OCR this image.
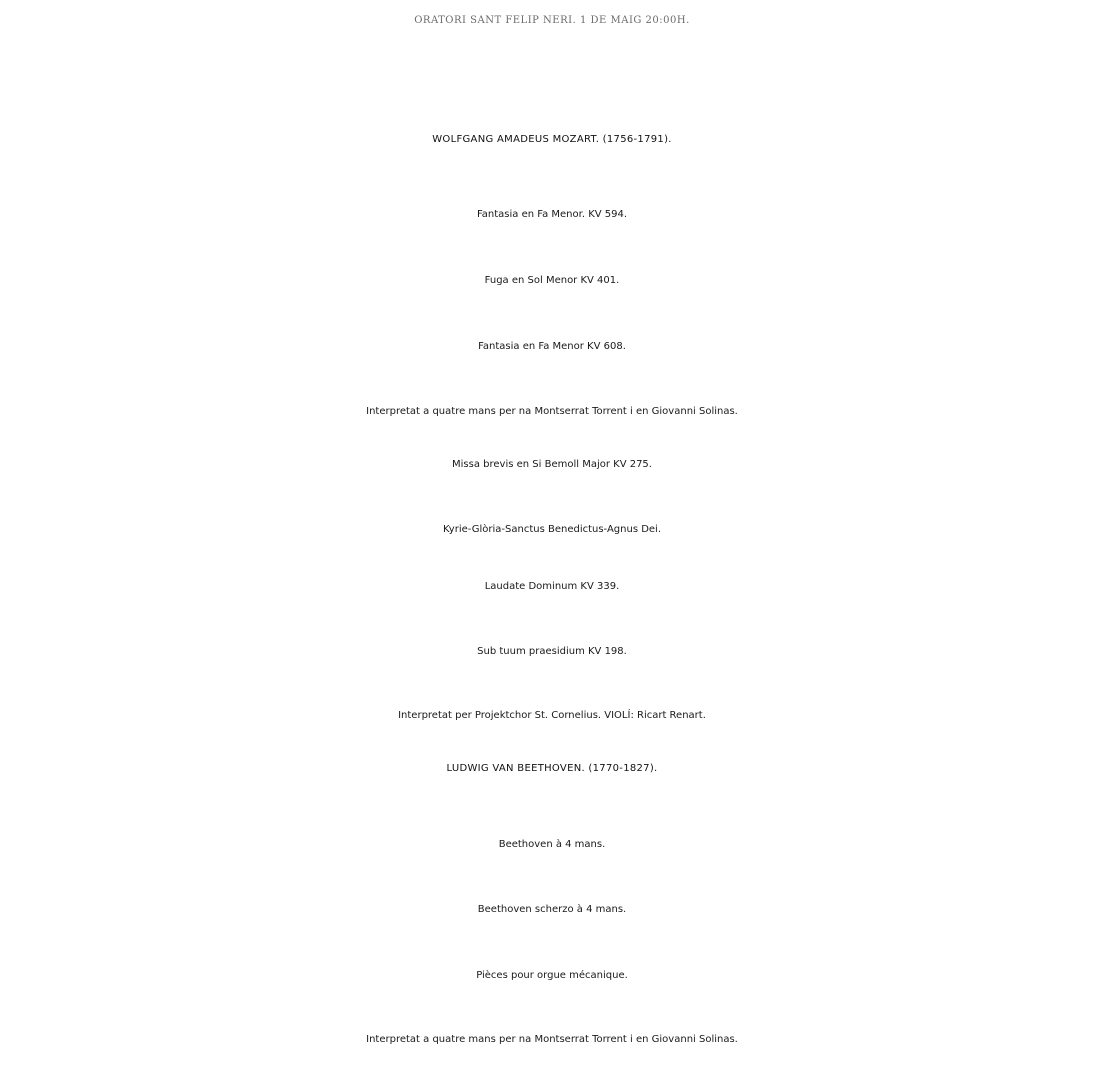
ORATORI SANT FELIP NERI. 1 DE MAIG 20:00H.
WOLFGANG AMADEUS MOZART. (1756-1791).
Fantasia en Fa Menor. KV 594.
Fuga en Sol Menor KV 401.
Fantasia en Fa Menor KV 608.
Interpretat a quatre mans per na Montserrat Torrent i en Giovanni Solinas.
Missa brevis en Si Bemoll Major KV 275.
Kyrie-Glòria-Sanctus Benedictus-Agnus Dei.
Laudate Dominum KV 339.
Sub tuum praesidium KV 198.
Interpretat per Projektchor St. Cornelius. VIOLÍ: Ricart Renart.
LUDWIG VAN BEETHOVEN. (1770-1827).
Beethoven à 4 mans.
Beethoven scherzo à 4 mans.
Pièces pour orgue mécanique.
Interpretat a quatre mans per na Montserrat Torrent i en Giovanni Solinas.
